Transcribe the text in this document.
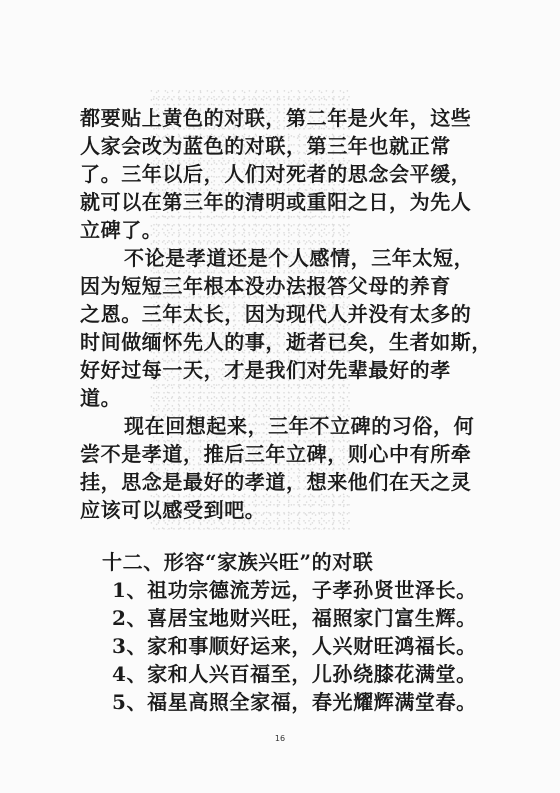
都要贴上黄色的对联，第二年是火年，这些
人家会改为蓝色的对联，第三年也就正常
了。三年以后，人们对死者的思念会平缓，
就可以在第三年的清明或重阳之日，为先人
立碑了。
不论是孝道还是个人感情，三年太短，
因为短短三年根本没办法报答父母的养育
之恩。三年太长，因为现代人并没有太多的
时间做缅怀先人的事，逝者已矣，生者如斯，
好好过每一天，才是我们对先辈最好的孝
道。
现在回想起来，三年不立碑的习俗，何
尝不是孝道，推后三年立碑，则心中有所牵
挂，思念是最好的孝道，想来他们在天之灵
应该可以感受到吧。
十二、形容“家族兴旺”的对联
1、祖功宗德流芳远，子孝孙贤世泽长。
2、喜居宝地财兴旺，福照家门富生辉。
3、家和事顺好运来，人兴财旺鸿福长。
4、家和人兴百福至，儿孙绕膝花满堂。
5、福星高照全家福，春光耀辉满堂春。
16
